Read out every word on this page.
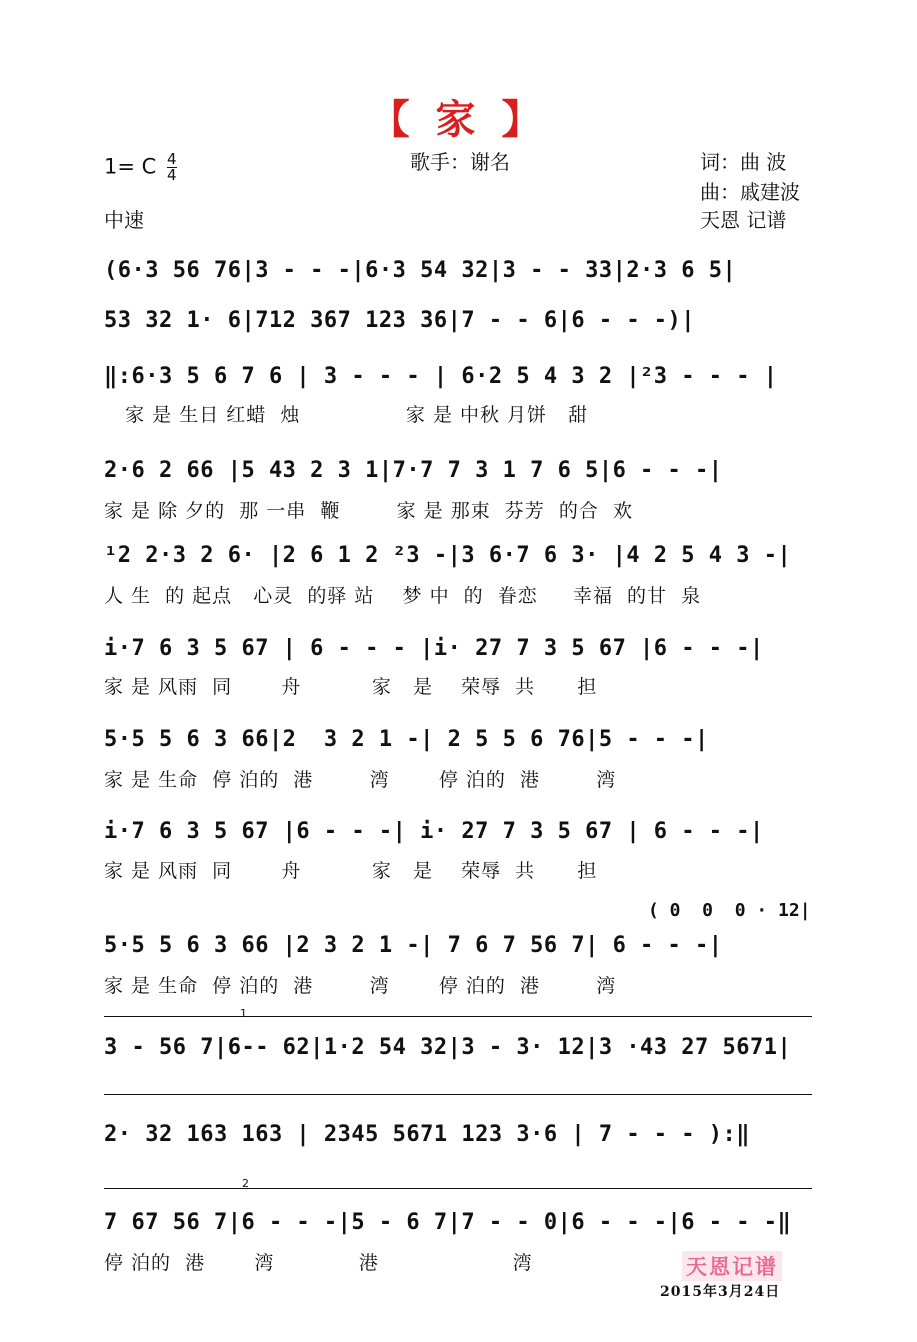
【 家 】
1= C $\frac{4}{4}$	歌手：谢名	词：曲 波
曲：戚建波
中速	天恩 记谱
(6·3 56 76|3 - - -|6·3 54 32|3 - - 33|2·3 6 5|
53 32 1· 6|712 367 123 36|7 - - 6|6 - - -)|
‖:6·3 5 6 7 6 | 3 - - - | 6·2 5 4 3 2 |²3 - - - |
家 是 生日 红蜡  烛               家 是 中秋 月饼   甜
2·6 2 66 |5 43 2 3 1|7·7 7 3 1 7 6 5|6 - - -|
家 是 除 夕的  那 一串  鞭        家 是 那束  芬芳  的合  欢
¹2 2·3 2 6· |2 6 1 2 ²3 -|3 6·7 6 3· |4 2 5 4 3 -|
人 生  的 起点   心灵  的驿 站    梦 中  的  眷恋     幸福  的甘  泉
i·7 6 3 5 67 | 6 - - - |i· 27 7 3 5 67 |6 - - -|
家 是 风雨  同       舟          家   是    荣辱  共      担
5·5 5 6 3 66|2  3 2 1 -| 2 5 5 6 76|5 - - -|
家 是 生命  停 泊的  港        湾       停 泊的  港        湾
i·7 6 3 5 67 |6 - - -| i· 27 7 3 5 67 | 6 - - -|
家 是 风雨  同       舟          家   是    荣辱  共      担
( 0  0  0 · 12|
5·5 5 6 3 66 |2 3 2 1 -| 7 6 7 56 7| 6 - - -|
家 是 生命  停 泊的  港        湾       停 泊的  港        湾
1
3 - 56 7|6-- 62|1·2 54 32|3 - 3· 12|3 ·43 27 5671|
2· 32 163 163 | 2345 5671 123 3·6 | 7 - - - ):‖
2
7 67 56 7|6 - - -|5 - 6 7|7 - - 0|6 - - -|6 - - -‖
停 泊的  港       湾            港                   湾	天恩记谱
2015年3月24日
